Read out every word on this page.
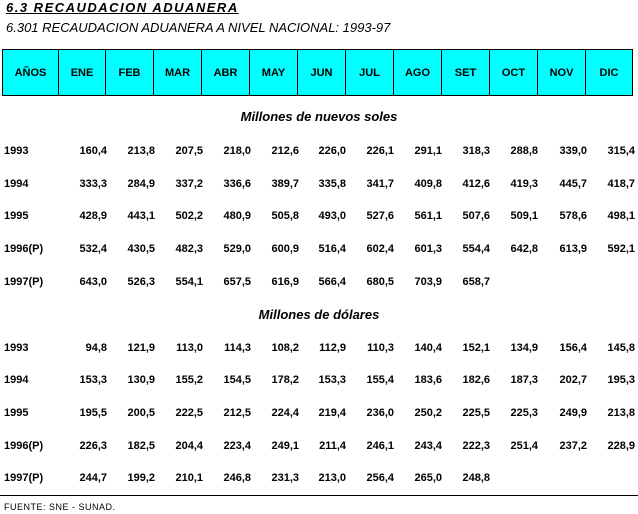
6.3 RECAUDACION ADUANERA
6.301 RECAUDACION ADUANERA A NIVEL NACIONAL: 1993-97
AÑOS	ENE	FEB	MAR	ABR	MAY	JUN	JUL	AGO	SET	OCT	NOV	DIC
Millones de nuevos soles
1993	160,4	213,8	207,5	218,0	212,6	226,0	226,1	291,1	318,3	288,8	339,0	315,4
1994	333,3	284,9	337,2	336,6	389,7	335,8	341,7	409,8	412,6	419,3	445,7	418,7
1995	428,9	443,1	502,2	480,9	505,8	493,0	527,6	561,1	507,6	509,1	578,6	498,1
1996(P)	532,4	430,5	482,3	529,0	600,9	516,4	602,4	601,3	554,4	642,8	613,9	592,1
1997(P)	643,0	526,3	554,1	657,5	616,9	566,4	680,5	703,9	658,7
Millones de dólares
1993	94,8	121,9	113,0	114,3	108,2	112,9	110,3	140,4	152,1	134,9	156,4	145,8
1994	153,3	130,9	155,2	154,5	178,2	153,3	155,4	183,6	182,6	187,3	202,7	195,3
1995	195,5	200,5	222,5	212,5	224,4	219,4	236,0	250,2	225,5	225,3	249,9	213,8
1996(P)	226,3	182,5	204,4	223,4	249,1	211,4	246,1	243,4	222,3	251,4	237,2	228,9
1997(P)	244,7	199,2	210,1	246,8	231,3	213,0	256,4	265,0	248,8
FUENTE: SNE - SUNAD.
